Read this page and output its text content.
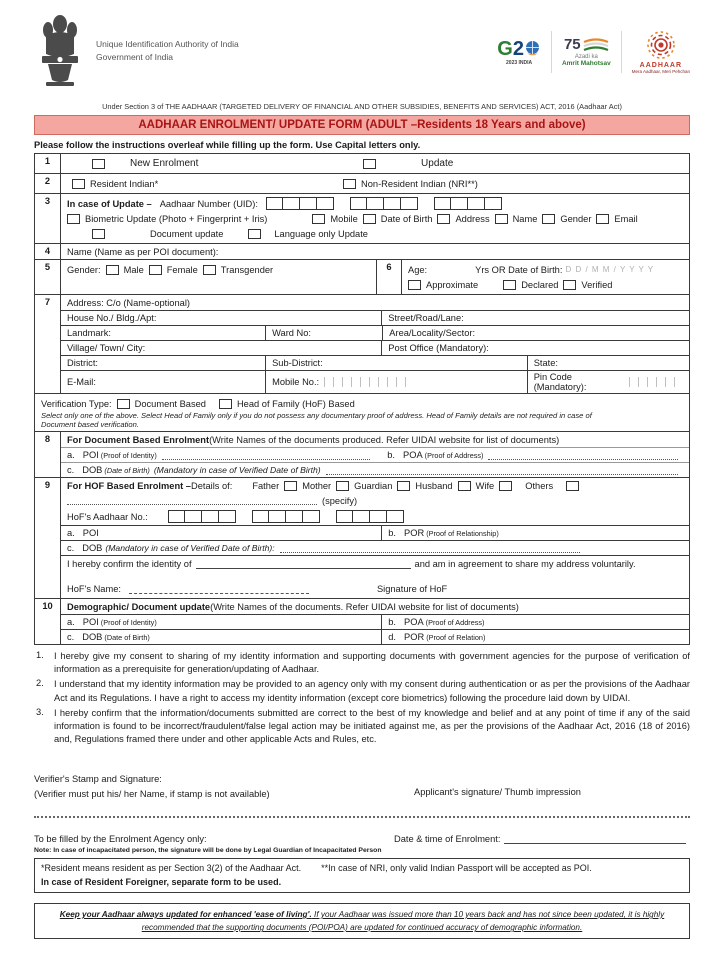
Unique Identification Authority of India
Government of India	G2
2023 INDIA
75
Azadi ka
Amrit Mahotsav	AADHAAR
Mera Aadhaar, Meri Pehchan
Under Section 3 of THE AADHAAR (TARGETED DELIVERY OF FINANCIAL AND OTHER SUBSIDIES, BENEFITS AND SERVICES) ACT, 2016 (Aadhaar Act)
AADHAAR ENROLMENT/ UPDATE FORM (ADULT –Residents 18 Years and above)
Please follow the instructions overleaf while filling up the form. Use Capital letters only.
1	New Enrolment	Update
2	Resident Indian*	Non-Resident Indian (NRI**)
3	In case of Update – Aadhaar Number (UID):
Biometric Update (Photo + Fingerprint + Iris)	Mobile Date of Birth Address Name Gender Email
Document update	Language only Update
4	Name (Name as per POI document):
5	Gender: Male Female Transgender	6	Age:	Yrs OR Date of Birth: D D / M M / Y Y Y Y
Approximate	Declared Verified
7	Address: C/o (Name-optional)
House No./ Bldg./Apt:	Street/Road/Lane:
Landmark:	Ward No:	Area/Locality/Sector:
Village/ Town/ City:	Post Office (Mandatory):
District:	Sub-District:	State:
E-Mail:	Mobile No.:	Pin Code (Mandatory):
Verification Type: Document Based	Head of Family (HoF) Based
Select only one of the above. Select Head of Family only if you do not possess any documentary proof of address. Head of Family details are not required in case of
Document based verification.
8	For Document Based Enrolment (Write Names of the documents produced. Refer UIDAI website for list of documents)
a. POI (Proof of Identity)	b. POA (Proof of Address)
c. DOB (Date of Birth) (Mandatory in case of Verified Date of Birth)
9	For HOF Based Enrolment – Details of: Father Mother Guardian Husband Wife	Others
(specify)
HoF's Aadhaar No.:
a. POI	b. POR (Proof of Relationship)
c. DOB (Mandatory in case of Verified Date of Birth):
I hereby confirm the identity of	and am in agreement to share my address voluntarily.
HoF's Name:	Signature of HoF
10	Demographic/ Document update (Write Names of the documents. Refer UIDAI website for list of documents)
a. POI (Proof of Identity)	b. POA (Proof of Address)
c. DOB (Date of Birth)	d. POR (Proof of Relation)
1.	I hereby give my consent to sharing of my identity information and supporting documents with government agencies for the purpose of verification of information as a prerequisite for generation/updating of Aadhaar.
2.	I understand that my identity information may be provided to an agency only with my consent during authentication or as per the provisions of the Aadhaar Act and its Regulations. I have a right to access my identity information (except core biometrics) following the procedure laid down by UIDAI.
3.	I hereby confirm that the information/documents submitted are correct to the best of my knowledge and belief and at any point of time if any of the said information is found to be incorrect/fraudulent/false legal action may be initiated against me, as per the provisions of the Aadhaar Act, 2016 (18 of 2016) and, Regulations framed there under and other applicable Acts and Rules, etc.
Verifier's Stamp and Signature:
(Verifier must put his/ her Name, if stamp is not available)	Applicant's signature/ Thumb impression
To be filled by the Enrolment Agency only:	Date & time of Enrolment:
Note: In case of incapacitated person, the signature will be done by Legal Guardian of Incapacitated Person
*Resident means resident as per Section 3(2) of the Aadhaar Act. **In case of NRI, only valid Indian Passport will be accepted as POI.
In case of Resident Foreigner, separate form to be used.
Keep your Aadhaar always updated for enhanced 'ease of living'. If your Aadhaar was issued more than 10 years back and has not since been updated, it is highly recommended that the supporting documents (POI/POA) are updated for continued accuracy of demographic information.
